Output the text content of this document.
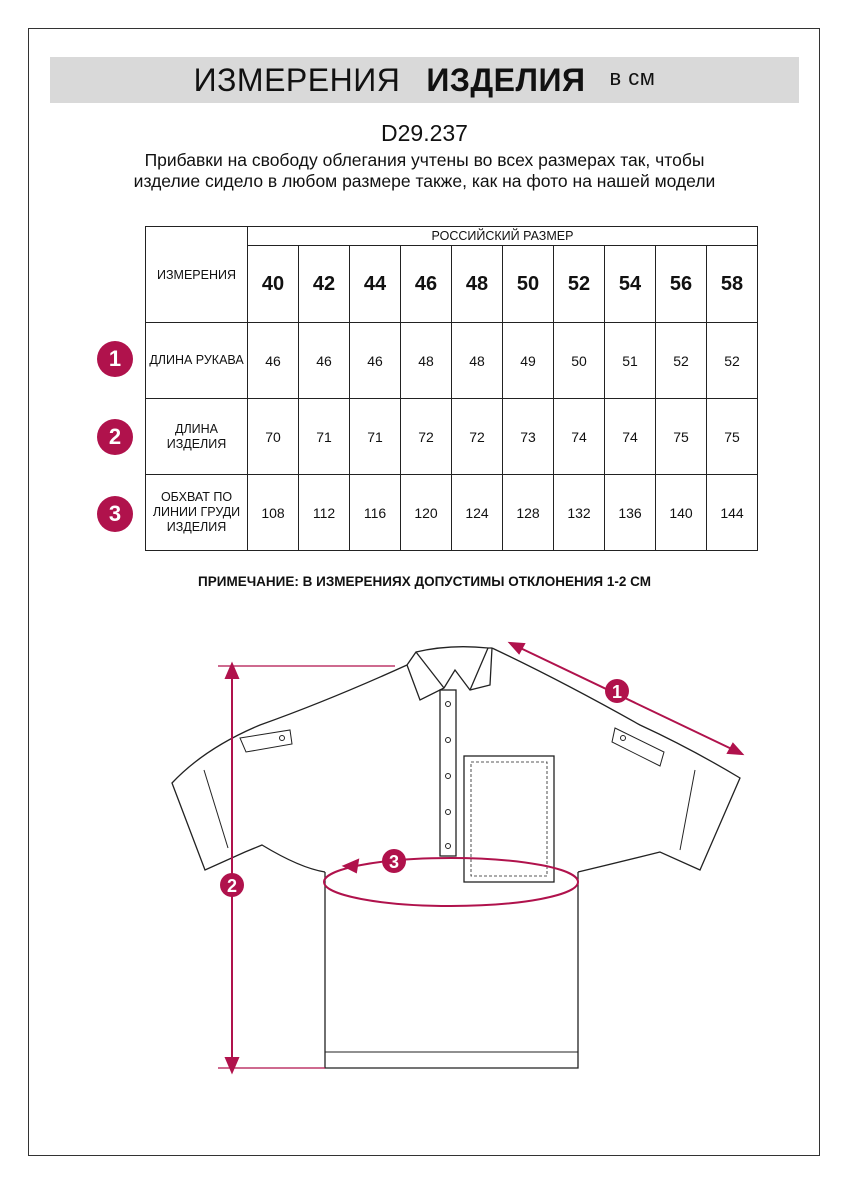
ИЗМЕРЕНИЯ ИЗДЕЛИЯ в см
D29.237
Прибавки на свободу облегания учтены во всех размерах так, чтобы изделие сидело в любом размере также, как на фото на нашей модели
ИЗМЕРЕНИЯ	РОССИЙСКИЙ РАЗМЕР									
	40	42	44	46	48	50	52	54	56	58
ДЛИНА РУКАВА	46	46	46	48	48	49	50	51	52	52
ДЛИНА ИЗДЕЛИЯ	70	71	71	72	72	73	74	74	75	75
ОБХВАТ ПО ЛИНИИ ГРУДИ ИЗДЕЛИЯ	108	112	116	120	124	128	132	136	140	144
1
2
3
ПРИМЕЧАНИЕ: В ИЗМЕРЕНИЯХ ДОПУСТИМЫ ОТКЛОНЕНИЯ 1-2 СМ
1
2
3
